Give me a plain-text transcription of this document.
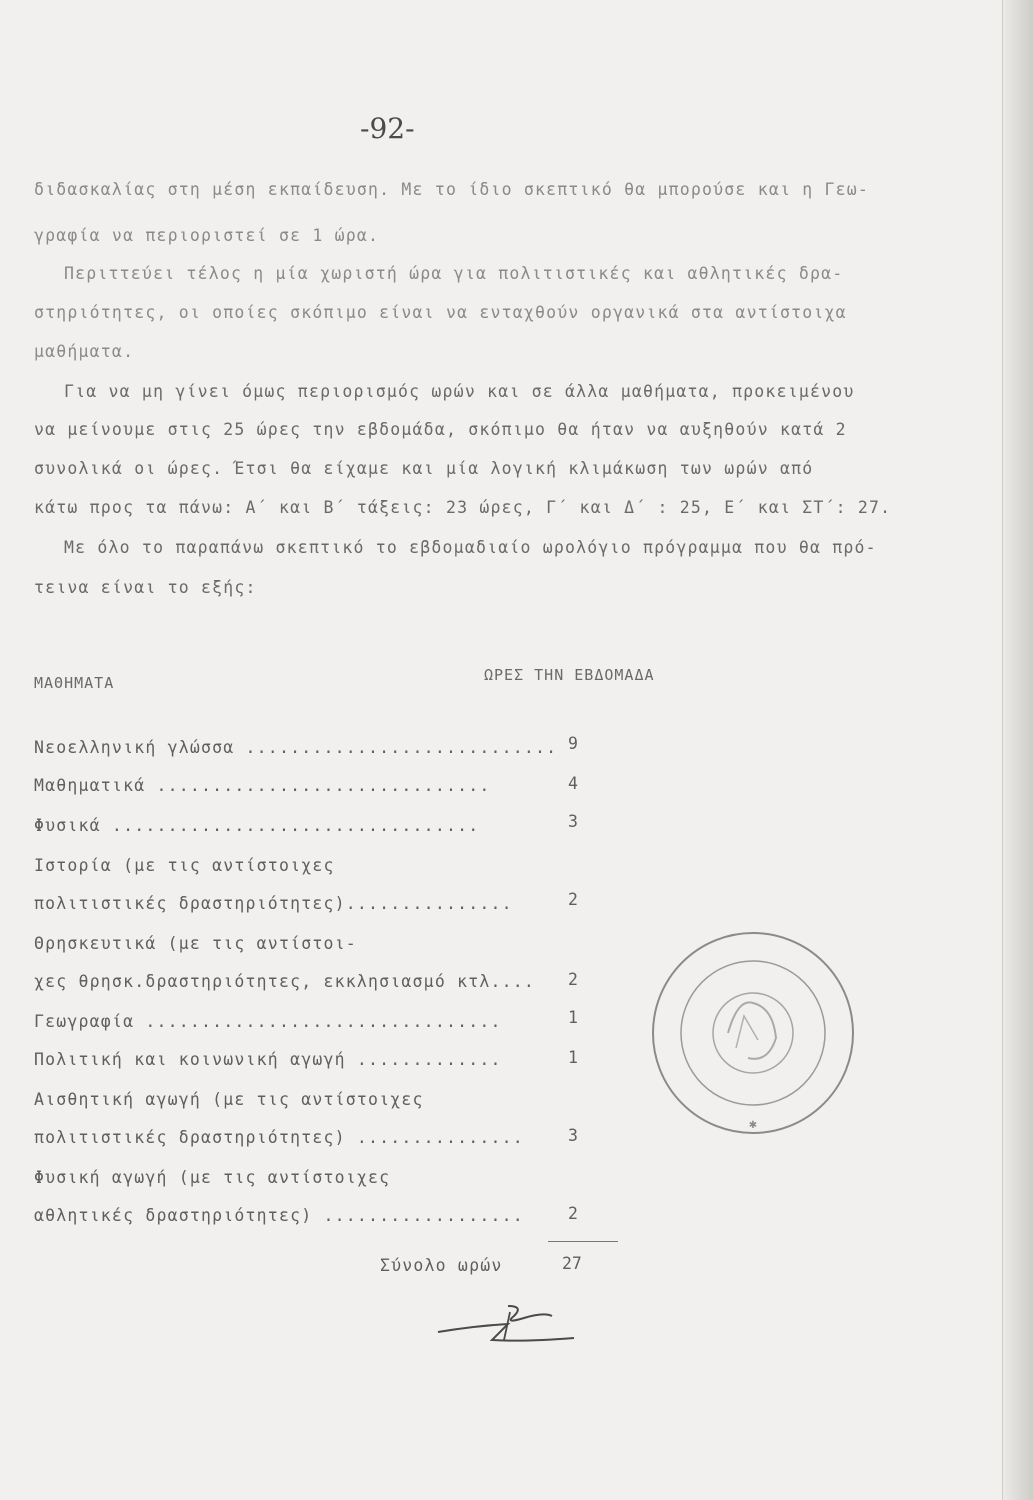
-92-
διδασκαλίας στη μέση εκπαίδευση. Με το ίδιο σκεπτικό θα μπορούσε και η Γεω-
γραφία να περιοριστεί σε 1 ώρα.
Περιττεύει τέλος η μία χωριστή ώρα για πολιτιστικές και αθλητικές δρα-
στηριότητες, οι οποίες σκόπιμο είναι να ενταχθούν οργανικά στα αντίστοιχα
μαθήματα.
Για να μη γίνει όμως περιορισμός ωρών και σε άλλα μαθήματα, προκειμένου
να μείνουμε στις 25 ώρες την εβδομάδα, σκόπιμο θα ήταν να αυξηθούν κατά 2
συνολικά οι ώρες. Έτσι θα είχαμε και μία λογική κλιμάκωση των ωρών από
κάτω προς τα πάνω: Α΄ και Β΄ τάξεις: 23 ώρες, Γ΄ και Δ΄ : 25, Ε΄ και ΣΤ΄: 27.
Με όλο το παραπάνω σκεπτικό το εβδομαδιαίο ωρολόγιο πρόγραμμα που θα πρό-
τεινα είναι το εξής:
ΜΑΘΗΜΑΤΑ	ΩΡΕΣ ΤΗΝ ΕΒΔΟΜΑΔΑ
Νεοελληνική γλώσσα ............................ 9
Μαθηματικά ..............................	4
Φυσικά .................................	3
Ιστορία (με τις αντίστοιχες
πολιτιστικές δραστηριότητες)...............	2
Θρησκευτικά (με τις αντίστοι-
χες θρησκ.δραστηριότητες, εκκλησιασμό κτλ.... 2
Γεωγραφία ................................	1
Πολιτική και κοινωνική αγωγή .............	1
Αισθητική αγωγή (με τις αντίστοιχες
πολιτιστικές δραστηριότητες) ...............	3
Φυσική αγωγή (με τις αντίστοιχες
αθλητικές δραστηριότητες) ..................	2
Σύνολο ωρών	27
✱
